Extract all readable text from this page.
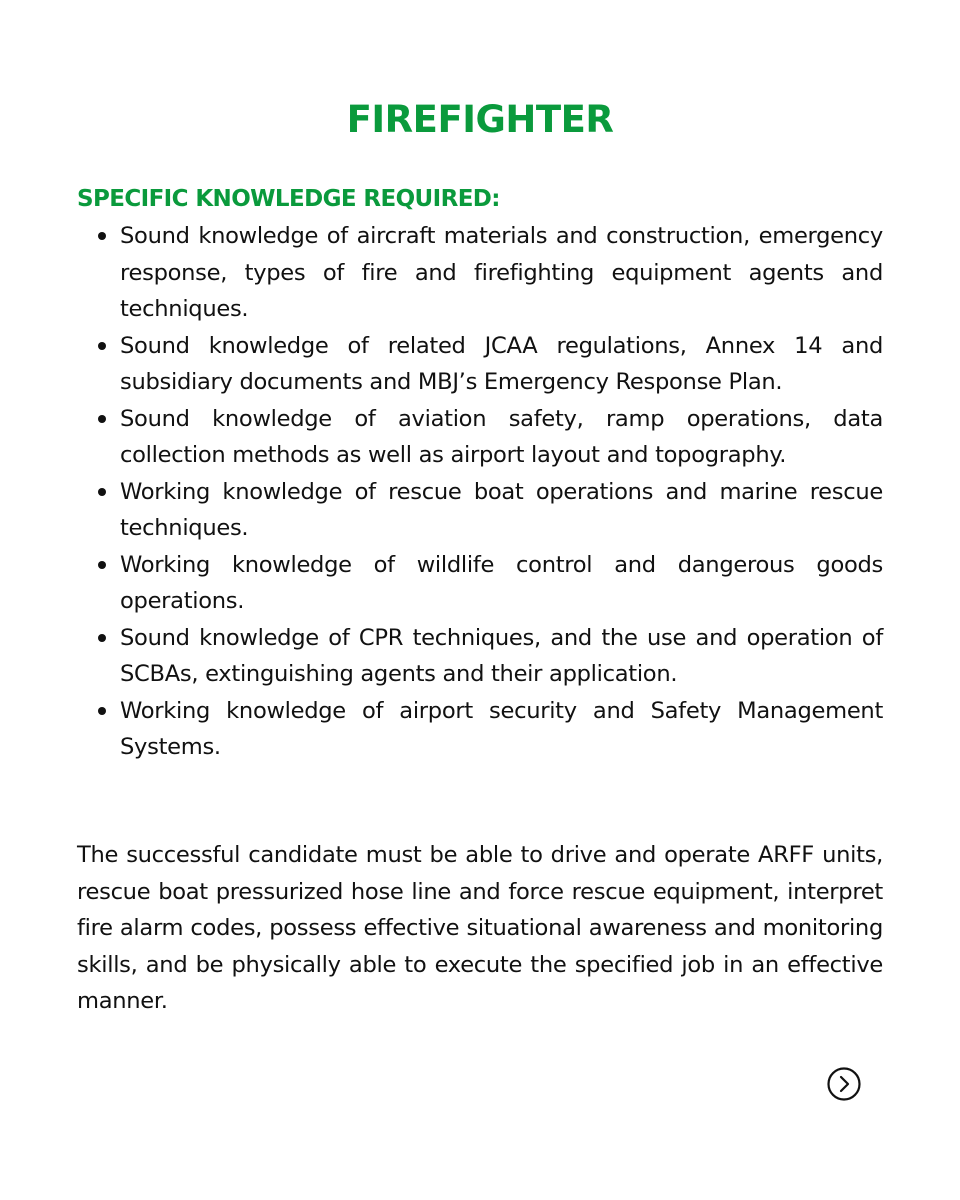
FIREFIGHTER
SPECIFIC KNOWLEDGE REQUIRED:
Sound knowledge of aircraft materials and construction, emergency response, types of fire and firefighting equipment agents and techniques.
Sound knowledge of related JCAA regulations, Annex 14 and subsidiary documents and MBJ’s Emergency Response Plan.
Sound knowledge of aviation safety, ramp operations, data collection methods as well as airport layout and topography.
Working knowledge of rescue boat operations and marine rescue techniques.
Working knowledge of wildlife control and dangerous goods operations.
Sound knowledge of CPR techniques, and the use and operation of SCBAs, extinguishing agents and their application.
Working knowledge of airport security and Safety Management Systems.

The successful candidate must be able to drive and operate ARFF units, rescue boat pressurized hose line and force rescue equipment, interpret fire alarm codes, possess effective situational awareness and monitoring skills, and be physically able to execute the specified job in an effective manner.
